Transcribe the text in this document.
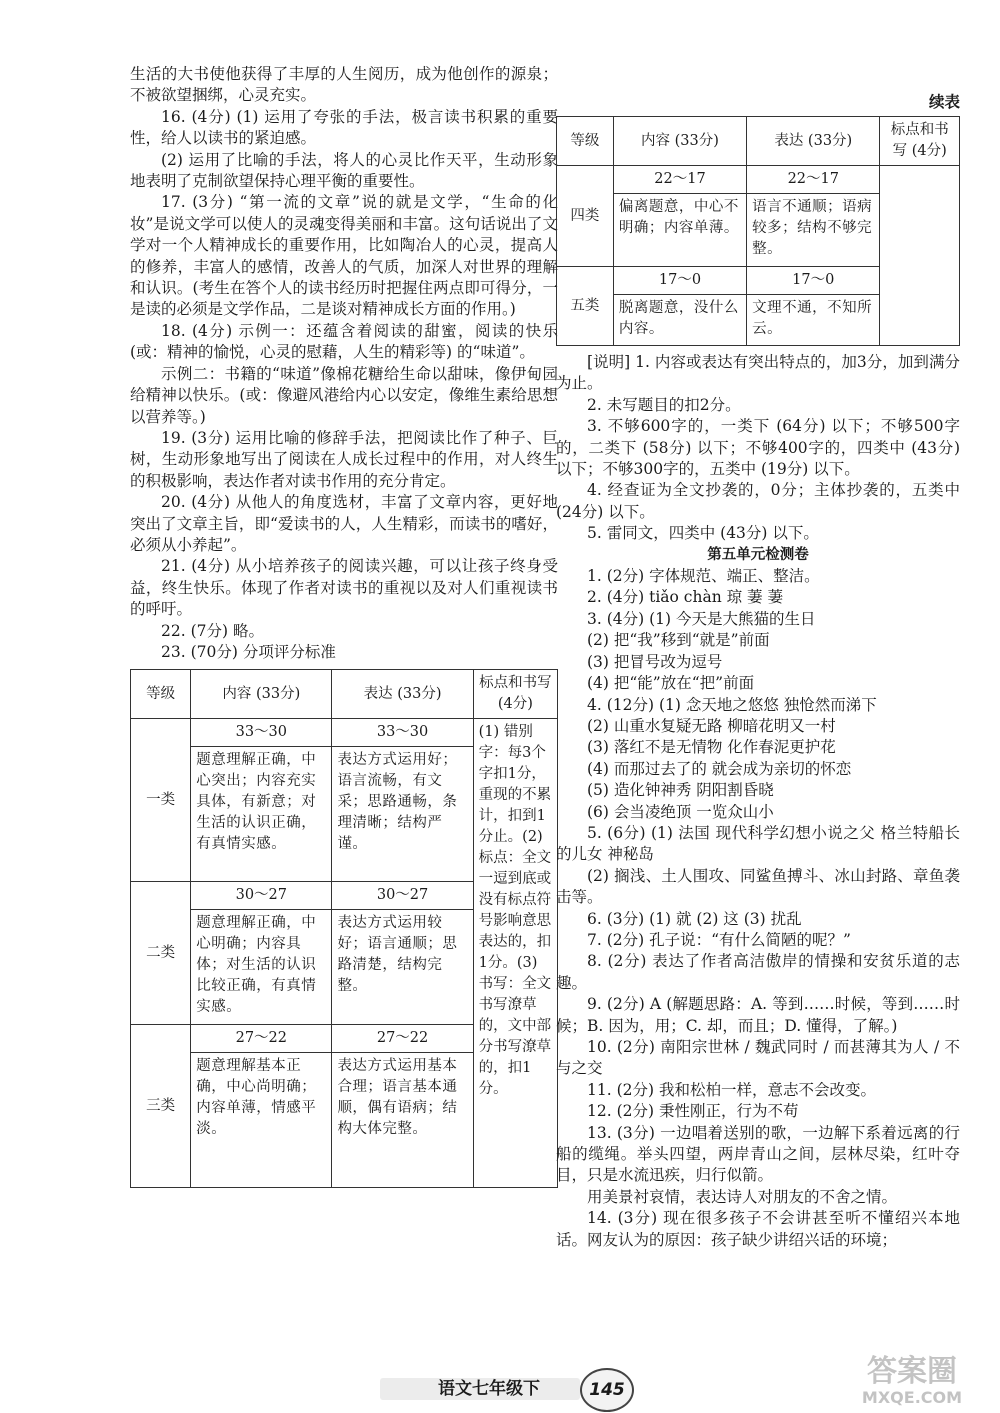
生活的大书使他获得了丰厚的人生阅历，成为他创作的源泉；不被欲望捆绑，心灵充实。

16. (4分) (1) 运用了夸张的手法，极言读书积累的重要性，给人以读书的紧迫感。

(2) 运用了比喻的手法，将人的心灵比作天平，生动形象地表明了克制欲望保持心理平衡的重要性。

17. (3分) “第一流的文章”说的就是文学，“生命的化妆”是说文学可以使人的灵魂变得美丽和丰富。这句话说出了文学对一个人精神成长的重要作用，比如陶冶人的心灵，提高人的修养，丰富人的感情，改善人的气质，加深人对世界的理解和认识。(考生在答个人的读书经历时把握住两点即可得分，一是读的必须是文学作品，二是谈对精神成长方面的作用。)

18. (4分) 示例一：还蕴含着阅读的甜蜜，阅读的快乐 (或：精神的愉悦，心灵的慰藉，人生的精彩等) 的“味道”。

示例二：书籍的“味道”像棉花糖给生命以甜味，像伊甸园给精神以快乐。(或：像避风港给内心以安定，像维生素给思想以营养等。)

19. (3分) 运用比喻的修辞手法，把阅读比作了种子、巨树，生动形象地写出了阅读在人成长过程中的作用，对人终生的积极影响，表达作者对读书作用的充分肯定。

20. (4分) 从他人的角度选材，丰富了文章内容，更好地突出了文章主旨，即“爱读书的人，人生精彩，而读书的嗜好，必须从小养起”。

21. (4分) 从小培养孩子的阅读兴趣，可以让孩子终身受益，终生快乐。体现了作者对读书的重视以及对人们重视读书的呼吁。

22. (7分) 略。

23. (70分) 分项评分标准

等级	内容 (33分)	表达 (33分)	标点和书写 (4分)
一类	33～30	33～30	(1) 错别字：每3个字扣1分，重现的不累计，扣到1分止。(2) 标点：全文一逗到底或没有标点符号影响意思表达的，扣1分。(3) 书写：全文书写潦草的，文中部分书写潦草的，扣1分。
	题意理解正确，中心突出；内容充实具体，有新意；对生活的认识正确，有真情实感。	表达方式运用好；语言流畅，有文采；思路通畅，条理清晰；结构严谨。	
二类	30～27	30～27	
	题意理解正确，中心明确；内容具体；对生活的认识比较正确，有真情实感。	表达方式运用较好；语言通顺；思路清楚，结构完整。	
三类	27～22	27～22	
	题意理解基本正确，中心尚明确；内容单薄，情感平淡。	表达方式运用基本合理；语言基本通顺，偶有语病；结构大体完整。	

续表

等级	内容 (33分)	表达 (33分)	标点和书写 (4分)
四类	22～17	22～17	
	偏离题意，中心不明确；内容单薄。	语言不通顺；语病较多；结构不够完整。	
五类	17～0	17～0	
	脱离题意，没什么内容。	文理不通，不知所云。	

[说明] 1. 内容或表达有突出特点的，加3分，加到满分为止。

2. 未写题目的扣2分。

3. 不够600字的，一类下 (64分) 以下；不够500字的，二类下 (58分) 以下；不够400字的，四类中 (43分) 以下；不够300字的，五类中 (19分) 以下。

4. 经查证为全文抄袭的，0分；主体抄袭的，五类中 (24分) 以下。

5. 雷同文，四类中 (43分) 以下。

第五单元检测卷

1. (2分) 字体规范、端正、整洁。

2. (4分) tiǎo chàn 琼 萋 萋

3. (4分) (1) 今天是大熊猫的生日

(2) 把“我”移到“就是”前面

(3) 把冒号改为逗号

(4) 把“能”放在“把”前面

4. (12分) (1) 念天地之悠悠 独怆然而涕下

(2) 山重水复疑无路 柳暗花明又一村

(3) 落红不是无情物 化作春泥更护花

(4) 而那过去了的 就会成为亲切的怀恋

(5) 造化钟神秀 阴阳割昏晓

(6) 会当凌绝顶 一览众山小

5. (6分) (1) 法国 现代科学幻想小说之父 格兰特船长的儿女 神秘岛

(2) 搁浅、土人围攻、同鲨鱼搏斗、冰山封路、章鱼袭击等。

6. (3分) (1) 就 (2) 这 (3) 扰乱

7. (2分) 孔子说：“有什么简陋的呢？”

8. (2分) 表达了作者高洁傲岸的情操和安贫乐道的志趣。

9. (2分) A (解题思路：A. 等到……时候，等到……时候；B. 因为，用；C. 却，而且；D. 懂得，了解。)

10. (2分) 南阳宗世林 / 魏武同时 / 而甚薄其为人 / 不与之交

11. (2分) 我和松柏一样，意志不会改变。

12. (2分) 秉性刚正，行为不苟

13. (3分) 一边唱着送别的歌，一边解下系着远离的行船的缆绳。举头四望，两岸青山之间，层林尽染，红叶夺目，只是水流迅疾，归行似箭。

用美景衬哀情，表达诗人对朋友的不舍之情。

14. (3分) 现在很多孩子不会讲甚至听不懂绍兴本地话。网友认为的原因：孩子缺少讲绍兴话的环境；

语文七年级下	145
答案圈
MXQE.COM
